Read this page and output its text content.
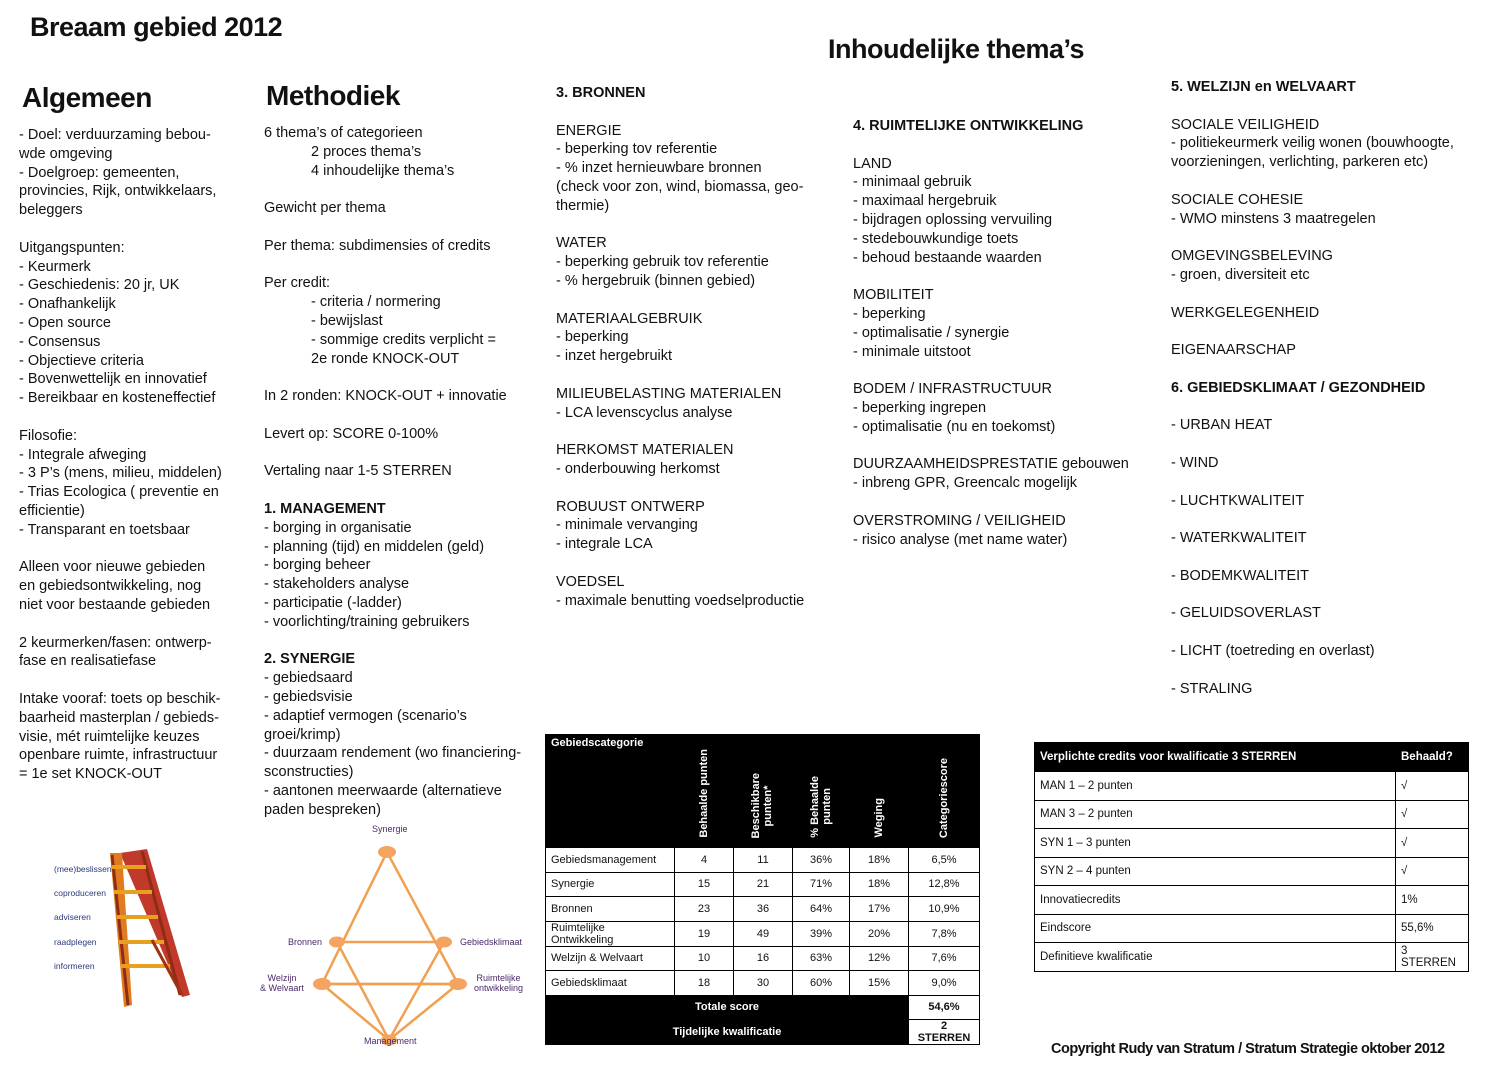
Breaam gebied 2012
Inhoudelijke thema’s
Algemeen
- Doel: verduurzaming bebou-
wde omgeving
- Doelgroep: gemeenten,
provincies, Rijk, ontwikkelaars,
beleggers
Uitgangspunten:
- Keurmerk
- Geschiedenis: 20 jr, UK
- Onafhankelijk
- Open source
- Consensus
- Objectieve criteria
- Bovenwettelijk en innovatief
- Bereikbaar en kosteneffectief
Filosofie:
- Integrale afweging
- 3 P’s (mens, milieu, middelen)
- Trias Ecologica ( preventie en
efficientie)
- Transparant en toetsbaar
Alleen voor nieuwe gebieden
en gebiedsontwikkeling, nog
niet voor bestaande gebieden
2 keurmerken/fasen: ontwerp-
fase en realisatiefase
Intake vooraf: toets op beschik-
baarheid masterplan / gebieds-
visie, mét ruimtelijke keuzes
openbare ruimte, infrastructuur
= 1e set KNOCK-OUT
Methodiek
6 thema’s of categorieen
2 proces thema’s
4 inhoudelijke thema’s
Gewicht per thema
Per thema: subdimensies of credits
Per credit:
- criteria / normering
- bewijslast
- sommige credits verplicht =
2e ronde KNOCK-OUT
In 2 ronden: KNOCK-OUT + innovatie
Levert op: SCORE 0-100%
Vertaling naar 1-5 STERREN
1. MANAGEMENT
- borging in organisatie
- planning (tijd) en middelen (geld)
- borging beheer
- stakeholders analyse
- participatie (-ladder)
- voorlichting/training gebruikers
2. SYNERGIE
- gebiedsaard
- gebiedsvisie
- adaptief vermogen (scenario’s
groei/krimp)
- duurzaam rendement (wo financiering-
sconstructies)
- aantonen meerwaarde (alternatieve
paden bespreken)
3. BRONNEN
ENERGIE
- beperking tov referentie
- % inzet hernieuwbare bronnen
(check voor zon, wind, biomassa, geo-
thermie)
WATER
- beperking gebruik tov referentie
- % hergebruik (binnen gebied)
MATERIAALGEBRUIK
- beperking
- inzet hergebruikt
MILIEUBELASTING MATERIALEN
- LCA levenscyclus analyse
HERKOMST MATERIALEN
- onderbouwing herkomst
ROBUUST ONTWERP
- minimale vervanging
- integrale LCA
VOEDSEL
- maximale benutting voedselproductie
4. RUIMTELIJKE ONTWIKKELING
LAND
- minimaal gebruik
- maximaal hergebruik
- bijdragen oplossing vervuiling
- stedebouwkundige toets
- behoud bestaande waarden
MOBILITEIT
- beperking
- optimalisatie / synergie
- minimale uitstoot
BODEM / INFRASTRUCTUUR
- beperking ingrepen
- optimalisatie (nu en toekomst)
DUURZAAMHEIDSPRESTATIE gebouwen
- inbreng GPR, Greencalc mogelijk
OVERSTROMING / VEILIGHEID
- risico analyse (met name water)
5. WELZIJN en WELVAART
SOCIALE VEILIGHEID
- politiekeurmerk veilig wonen (bouwhoogte,
voorzieningen, verlichting, parkeren etc)
SOCIALE COHESIE
- WMO minstens 3 maatregelen
OMGEVINGSBELEVING
- groen, diversiteit etc
WERKGELEGENHEID
EIGENAARSCHAP
6. GEBIEDSKLIMAAT / GEZONDHEID
- URBAN HEAT
- WIND
- LUCHTKWALITEIT
- WATERKWALITEIT
- BODEMKWALITEIT
- GELUIDSOVERLAST
- LICHT (toetreding en overlast)
- STRALING
(mee)beslissen
coproduceren
adviseren
raadplegen
informeren
Synergie
Bronnen	Gebiedsklimaat
Welzijn
& Welvaart
Ruimtelijke
ontwikkeling
Management
Gebiedscategorie	Behaalde punten	Beschikbare
punten*	% Behaalde
punten	Weging	Categoriescore
Gebiedsmanagement	4	11	36%	18%	6,5%
Synergie	15	21	71%	18%	12,8%
Bronnen	23	36	64%	17%	10,9%
Ruimtelijke Ontwikkeling	19	49	39%	20%	7,8%
Welzijn & Welvaart	10	16	63%	12%	7,6%
Gebiedsklimaat	18	30	60%	15%	9,0%
Totale score					54,6%
Tijdelijke kwalificatie					2 STERREN
Verplichte credits voor kwalificatie 3 STERREN	Behaald?
MAN 1 – 2 punten	√
MAN 3 – 2 punten	√
SYN 1 – 3 punten	√
SYN 2 – 4 punten	√
Innovatiecredits	1%
Eindscore	55,6%
Definitieve kwalificatie	3 STERREN
Copyright Rudy van Stratum / Stratum Strategie oktober 2012
